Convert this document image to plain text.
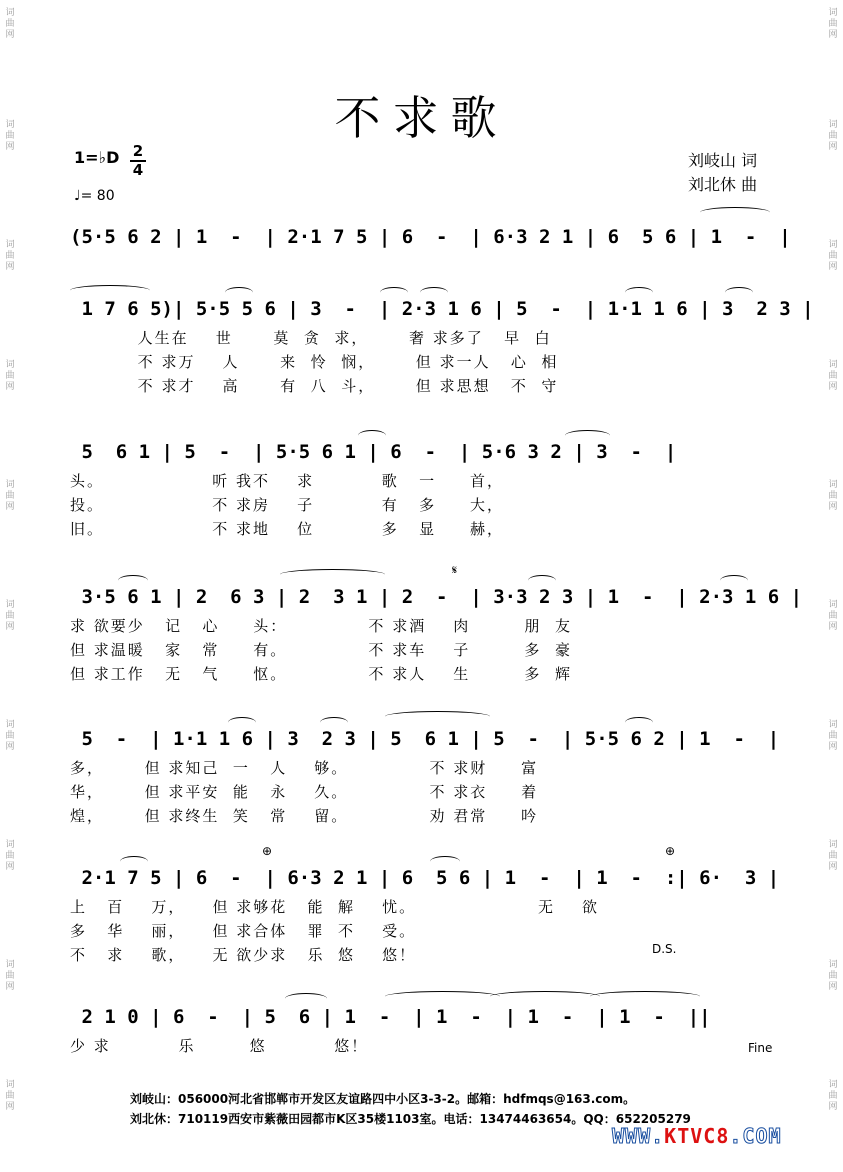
词曲网
词曲网
词曲网
词曲网
词曲网
词曲网
词曲网
词曲网
词曲网
词曲网
词曲网
词曲网
词曲网
词曲网
词曲网
词曲网
词曲网
词曲网
词曲网
词曲网
不求歌
1=♭D 2
4
♩= 80
刘岐山 词
刘北休 曲
(5·5 6 2 | 1  -  | 2·1 7 5 | 6  -  | 6·3 2 1 | 6  5 6 | 1  -  |
1 7 6 5)| 5·5 5 6 | 3  -  | 2·3 1 6 | 5  -  | 1·1 1 6 | 3  2 3 |
人生在    世      莫  贪  求，      奢 求多了   早  白
不 求万    人      来  怜  悯，      但 求一人   心  相
不 求才    高      有  八  斗，      但 求思想   不  守
5  6 1 | 5  -  | 5·5 6 1 | 6  -  | 5·6 3 2 | 3  -  |
头。                听 我不    求          歌   一     首，
投。                不 求房    子          有   多     大，
旧。                不 求地    位          多   显     赫，
𝄋
3·5 6 1 | 2  6 3 | 2  3 1 | 2  -  | 3·3 2 3 | 1  -  | 2·3 1 6 |
求 欲要少   记   心     头：            不 求酒    肉        朋  友
但 求温暖   家   常     有。            不 求车    子        多  豪
但 求工作   无   气     怄。            不 求人    生        多  辉
5  -  | 1·1 1 6 | 3  2 3 | 5  6 1 | 5  -  | 5·5 6 2 | 1  -  |
多，      但 求知己  一   人    够。            不 求财     富
华，      但 求平安  能   永    久。            不 求衣     着
煌，      但 求终生  笑   常    留。            劝 君常     吟
⊕	⊕
2·1 7 5 | 6  -  | 6·3 2 1 | 6  5 6 | 1  -  | 1  -  :| 6·  3 |
上   百    万，    但 求够花   能  解    忧。                  无    欲
多   华    丽，    但 求合体   罪  不    受。
不   求    歌，    无 欲少求   乐  悠    悠！	D.S.
2 1 0 | 6  -  | 5  6 | 1  -  | 1  -  | 1  -  | 1  -  ||
少 求          乐        悠          悠！	Fine
刘岐山：056000河北省邯郸市开发区友谊路四中小区3-3-2。邮箱：hdfmqs@163.com。
刘北休：710119西安市紫薇田园都市K区35楼1103室。电话：13474463654。QQ：652205279
WWW.KTVC8.COM
